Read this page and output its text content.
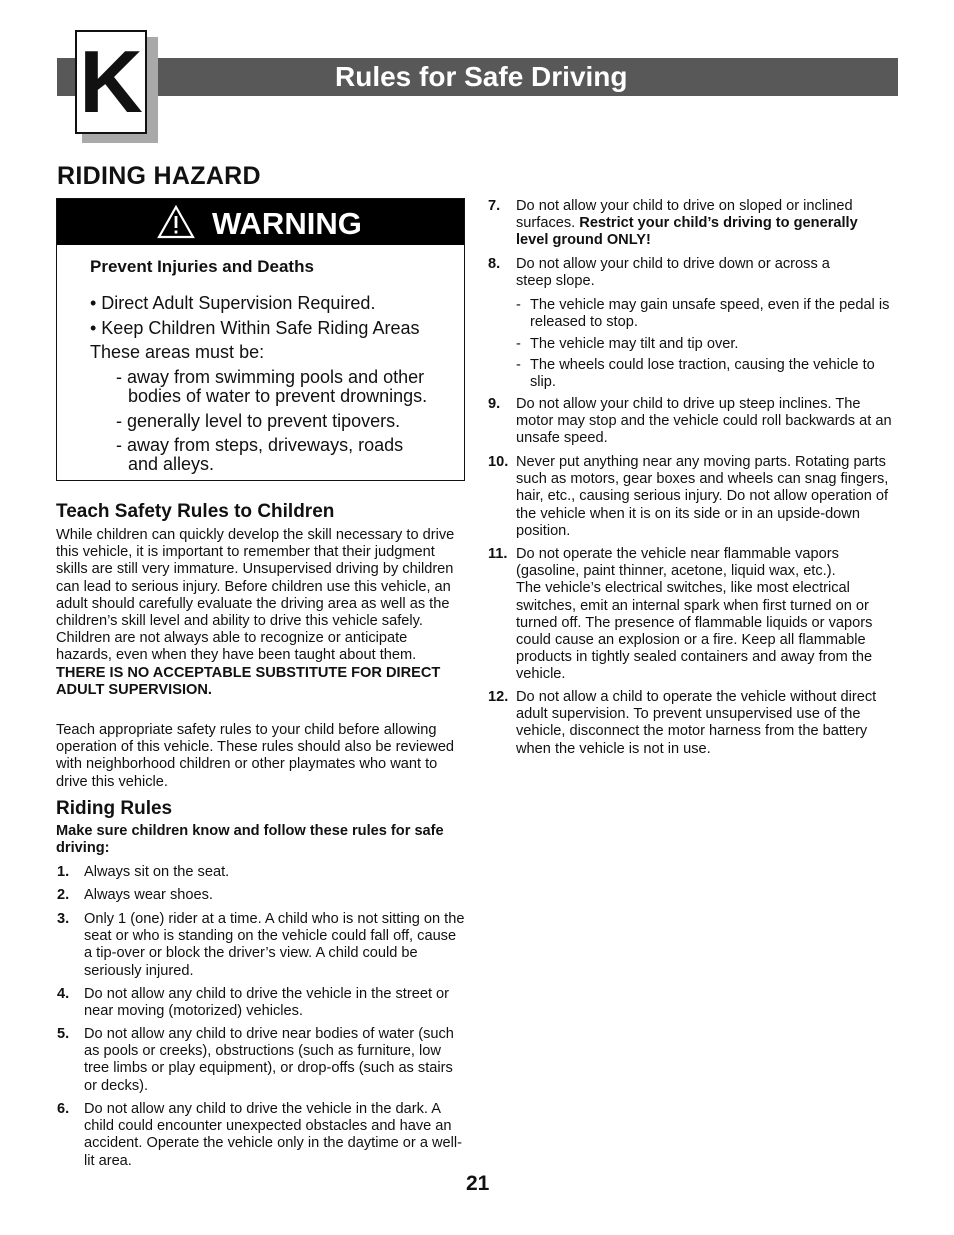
Rules for Safe Driving
K
RIDING HAZARD
WARNING
Prevent Injuries and Deaths
• Direct Adult Supervision Required.
• Keep Children Within Safe Riding Areas
These areas must be:
- away from swimming pools and other
bodies of water to prevent drownings.
- generally level to prevent tipovers.
- away from steps, driveways, roads
and alleys.
Teach Safety Rules to Children

While children can quickly develop the skill necessary to drive this vehicle, it is important to remember that their judgment skills are still very immature. Unsupervised driving by children can lead to serious injury. Before children use this vehicle, an adult should carefully evaluate the driving area as well as the children’s skill level and ability to drive this vehicle safely. Children are not always able to recognize or anticipate hazards, even when they have been taught about them. THERE IS NO ACCEPTABLE SUBSTITUTE FOR DIRECT ADULT SUPERVISION.

Teach appropriate safety rules to your child before allowing operation of this vehicle. These rules should also be reviewed with neighborhood children or other playmates who want to drive this vehicle.

Riding Rules

Make sure children know and follow these rules for safe driving:

1. Always sit on the seat.
2. Always wear shoes.
3. Only 1 (one) rider at a time. A child who is not sitting on the seat or who is standing on the vehicle could fall off, cause a tip-over or block the driver’s view. A child could be seriously injured.
4. Do not allow any child to drive the vehicle in the street or near moving (motorized) vehicles.
5. Do not allow any child to drive near bodies of water (such as pools or creeks), obstructions (such as furniture, low tree limbs or play equipment), or drop-offs (such as stairs or decks).
6. Do not allow any child to drive the vehicle in the dark. A child could encounter unexpected obstacles and have an accident. Operate the vehicle only in the daytime or a well-lit area.
7. Do not allow your child to drive on sloped or inclined surfaces. Restrict your child’s driving to generally level ground ONLY!
8. Do not allow your child to drive down or across a steep slope.
- The vehicle may gain unsafe speed, even if the pedal is released to stop.
- The vehicle may tilt and tip over.
- The wheels could lose traction, causing the vehicle to slip.
9. Do not allow your child to drive up steep inclines. The motor may stop and the vehicle could roll backwards at an unsafe speed.
10. Never put anything near any moving parts. Rotating parts such as motors, gear boxes and wheels can snag fingers, hair, etc., causing serious injury. Do not allow operation of the vehicle when it is on its side or in an upside-down position.
11. Do not operate the vehicle near flammable vapors (gasoline, paint thinner, acetone, liquid wax, etc.).
The vehicle’s electrical switches, like most electrical switches, emit an internal spark when first turned on or turned off. The presence of flammable liquids or vapors could cause an explosion or a fire. Keep all flammable products in tightly sealed containers and away from the vehicle.
12. Do not allow a child to operate the vehicle without direct adult supervision. To prevent unsupervised use of the vehicle, disconnect the motor harness from the battery when the vehicle is not in use.
21
